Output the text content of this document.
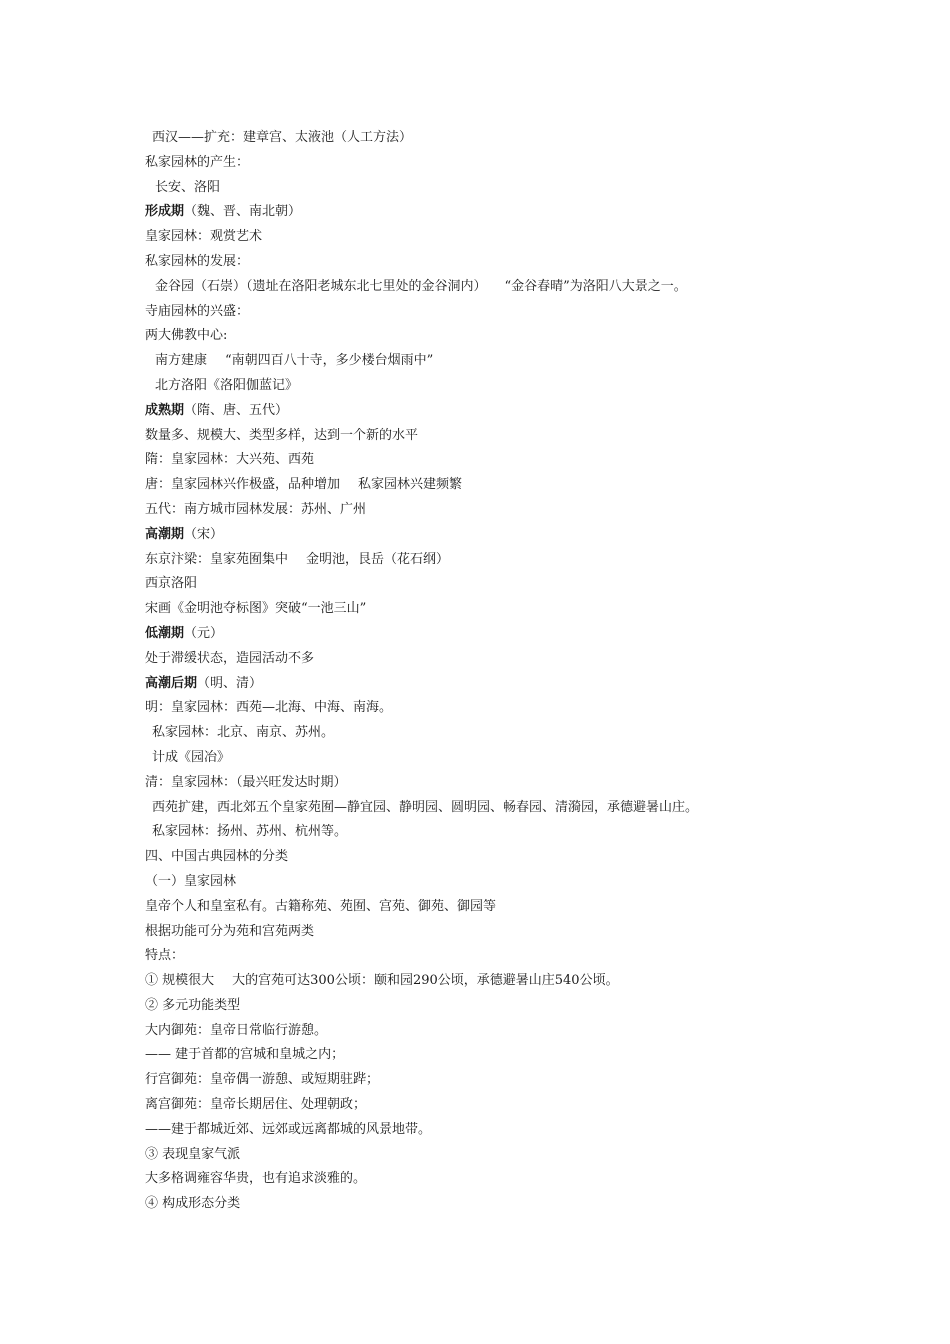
西汉——扩充：建章宫、太液池（人工方法）
私家园林的产生：
长安、洛阳
形成期（魏、晋、南北朝）
皇家园林：观赏艺术
私家园林的发展：
金谷园（石崇）（遗址在洛阳老城东北七里处的金谷洞内） “金谷春晴”为洛阳八大景之一。
寺庙园林的兴盛：
两大佛教中心:
南方建康 “南朝四百八十寺，多少楼台烟雨中”
北方洛阳《洛阳伽蓝记》
成熟期（隋、唐、五代）
数量多、规模大、类型多样，达到一个新的水平
隋：皇家园林：大兴苑、西苑
唐：皇家园林兴作极盛，品种增加 私家园林兴建频繁
五代：南方城市园林发展：苏州、广州
高潮期（宋）
东京汴梁：皇家苑囿集中 金明池，艮岳（花石纲）
西京洛阳
宋画《金明池夺标图》突破“一池三山”
低潮期（元）
处于滞缓状态，造园活动不多
高潮后期（明、清）
明：皇家园林：西苑—北海、中海、南海。
私家园林：北京、南京、苏州。
计成《园冶》
清：皇家园林：（最兴旺发达时期）
西苑扩建，西北郊五个皇家苑囿—静宜园、静明园、圆明园、畅春园、清漪园，承德避暑山庄。
私家园林：扬州、苏州、杭州等。
四、中国古典园林的分类
（一）皇家园林
皇帝个人和皇室私有。古籍称苑、苑囿、宫苑、御苑、御园等
根据功能可分为苑和宫苑两类
特点：
① 规模很大 大的宫苑可达300公顷：颐和园290公顷，承德避暑山庄540公顷。
② 多元功能类型
大内御苑：皇帝日常临行游憩。
—— 建于首都的宫城和皇城之内；
行宫御苑：皇帝偶一游憩、或短期驻跸；
离宫御苑：皇帝长期居住、处理朝政；
——建于都城近郊、远郊或远离都城的风景地带。
③ 表现皇家气派
大多格调雍容华贵，也有追求淡雅的。
④ 构成形态分类
